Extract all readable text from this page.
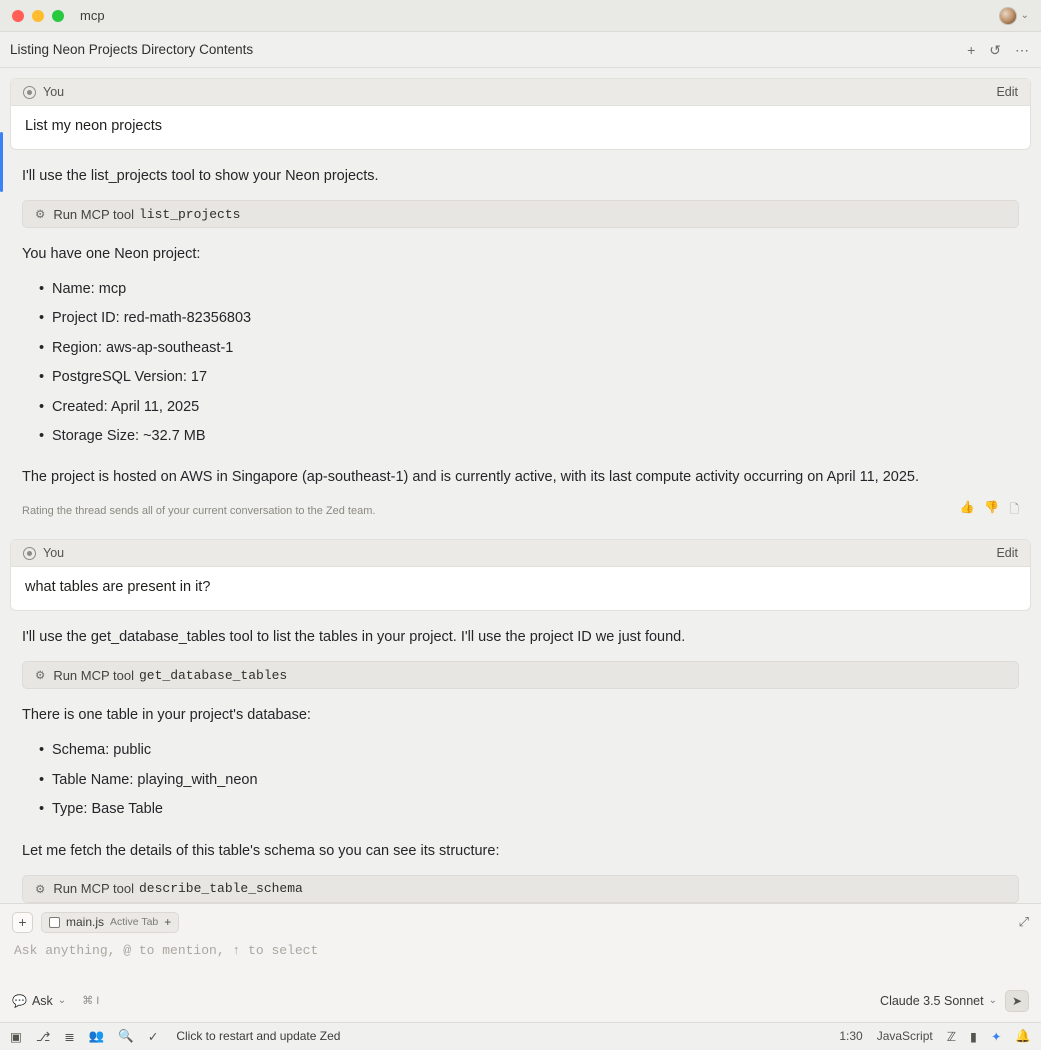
mcp	⌄
Listing Neon Projects Directory Contents	+ ↺ ⋯
You	Edit
List my neon projects
I'll use the list_projects tool to show your Neon projects.
⚙ Run MCP tool list_projects
You have one Neon project:
• Name: mcp
• Project ID: red-math-82356803
• Region: aws-ap-southeast-1
• PostgreSQL Version: 17
• Created: April 11, 2025
• Storage Size: ~32.7 MB
The project is hosted on AWS in Singapore (ap-southeast-1) and is currently active, with its last compute activity occurring on April 11, 2025.
Rating the thread sends all of your current conversation to the Zed team.	👍 👎 🗋
You	Edit
what tables are present in it?
I'll use the get_database_tables tool to list the tables in your project. I'll use the project ID we just found.
⚙ Run MCP tool get_database_tables
There is one table in your project's database:
• Schema: public
• Table Name: playing_with_neon
• Type: Base Table
Let me fetch the details of this table's schema so you can see its structure:
⚙ Run MCP tool describe_table_schema
+	main.js Active Tab +	⤢
Ask anything, @ to mention, ↑ to select
💬 Ask ⌄ ⌘ I	Claude 3.5 Sonnet ⌄	➤
▣ ⎇ ≣ 👥 🔍 ✓ Click to restart and update Zed	1:30 JavaScript ℤ ▮ ✦ 🔔
